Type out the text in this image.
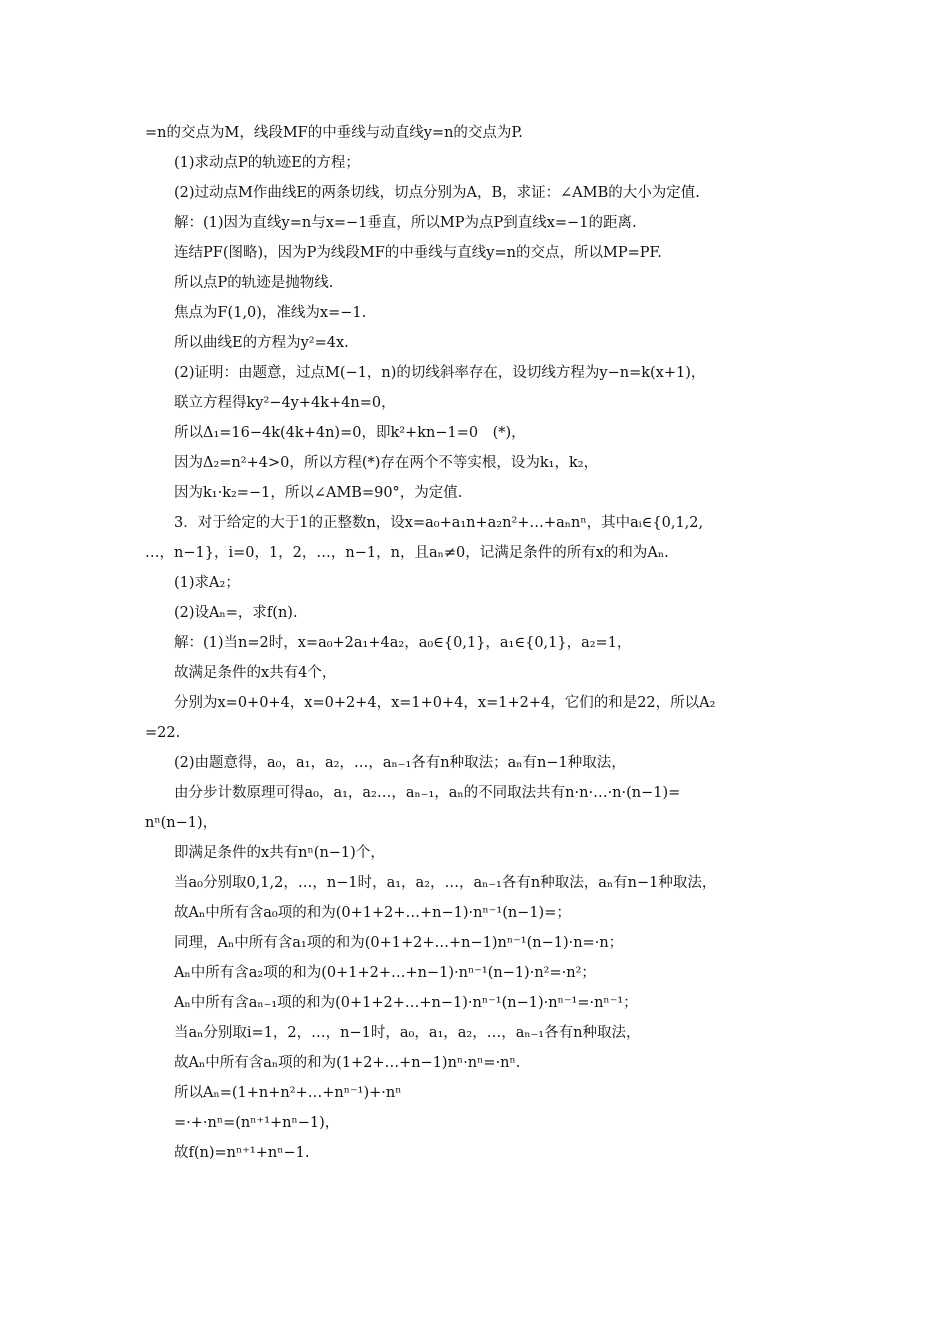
=n的交点为M，线段MF的中垂线与动直线y=n的交点为P.
(1)求动点P的轨迹E的方程；
(2)过动点M作曲线E的两条切线，切点分别为A，B，求证：∠AMB的大小为定值.
解：(1)因为直线y=n与x=−1垂直，所以MP为点P到直线x=−1的距离.
连结PF(图略)，因为P为线段MF的中垂线与直线y=n的交点，所以MP=PF.
所以点P的轨迹是抛物线.
焦点为F(1,0)，准线为x=−1.
所以曲线E的方程为y²=4x.
(2)证明：由题意，过点M(−1，n)的切线斜率存在，设切线方程为y−n=k(x+1)，
联立方程得ky²−4y+4k+4n=0，
所以Δ₁=16−4k(4k+4n)=0，即k²+kn−1=0　(*)，
因为Δ₂=n²+4>0，所以方程(*)存在两个不等实根，设为k₁，k₂，
因为k₁·k₂=−1，所以∠AMB=90°，为定值.
3．对于给定的大于1的正整数n，设x=a₀+a₁n+a₂n²+…+aₙnⁿ，其中aᵢ∈{0,1,2,
…，n−1}，i=0，1，2，…，n−1，n，且aₙ≠0，记满足条件的所有x的和为Aₙ.
(1)求A₂；
(2)设Aₙ=，求f(n).
解：(1)当n=2时，x=a₀+2a₁+4a₂，a₀∈{0,1}，a₁∈{0,1}，a₂=1，
故满足条件的x共有4个，
分别为x=0+0+4，x=0+2+4，x=1+0+4，x=1+2+4，它们的和是22，所以A₂
=22.
(2)由题意得，a₀，a₁，a₂，…，aₙ₋₁各有n种取法；aₙ有n−1种取法，
由分步计数原理可得a₀，a₁，a₂…，aₙ₋₁，aₙ的不同取法共有n·n·…·n·(n−1)=
nⁿ(n−1)，
即满足条件的x共有nⁿ(n−1)个，
当a₀分别取0,1,2，…，n−1时，a₁，a₂，…，aₙ₋₁各有n种取法，aₙ有n−1种取法，
故Aₙ中所有含a₀项的和为(0+1+2+…+n−1)·nⁿ⁻¹(n−1)=；
同理，Aₙ中所有含a₁项的和为(0+1+2+…+n−1)nⁿ⁻¹(n−1)·n=·n；
Aₙ中所有含a₂项的和为(0+1+2+…+n−1)·nⁿ⁻¹(n−1)·n²=·n²；
Aₙ中所有含aₙ₋₁项的和为(0+1+2+…+n−1)·nⁿ⁻¹(n−1)·nⁿ⁻¹=·nⁿ⁻¹；
当aₙ分别取i=1，2，…，n−1时，a₀，a₁，a₂，…，aₙ₋₁各有n种取法，
故Aₙ中所有含aₙ项的和为(1+2+…+n−1)nⁿ·nⁿ=·nⁿ.
所以Aₙ=(1+n+n²+…+nⁿ⁻¹)+·nⁿ
=·+·nⁿ=(nⁿ⁺¹+nⁿ−1)，
故f(n)=nⁿ⁺¹+nⁿ−1.
